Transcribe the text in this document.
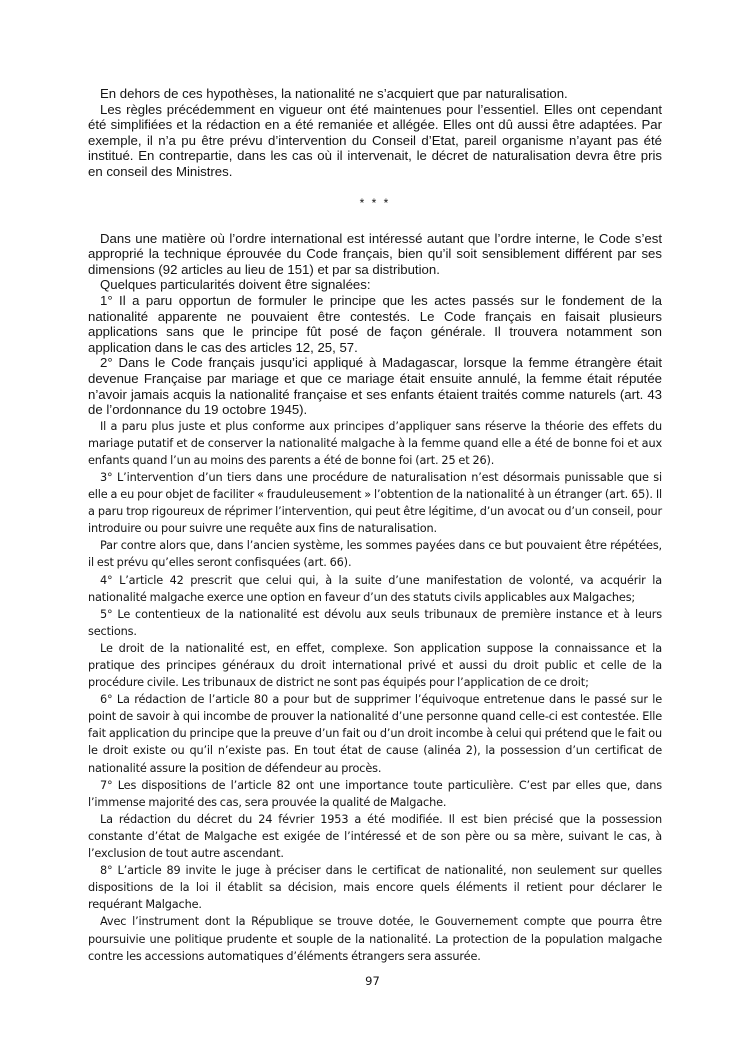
En dehors de ces hypothèses, la nationalité ne s’acquiert que par naturalisation.

Les règles précédemment en vigueur ont été maintenues pour l’essentiel. Elles ont cependant été simplifiées et la rédaction en a été remaniée et allégée. Elles ont dû aussi être adaptées. Par exemple, il n’a pu être prévu d’intervention du Conseil d’Etat, pareil organisme n’ayant pas été institué. En contrepartie, dans les cas où il intervenait, le décret de naturalisation devra être pris en conseil des Ministres.

* * *

Dans une matière où l’ordre international est intéressé autant que l’ordre interne, le Code s’est approprié la technique éprouvée du Code français, bien qu’il soit sensiblement différent par ses dimensions (92 articles au lieu de 151) et par sa distribution.

Quelques particularités doivent être signalées:

1° Il a paru opportun de formuler le principe que les actes passés sur le fondement de la nationalité apparente ne pouvaient être contestés. Le Code français en faisait plusieurs applications sans que le principe fût posé de façon générale. Il trouvera notamment son application dans le cas des articles 12, 25, 57.

2° Dans le Code français jusqu’ici appliqué à Madagascar, lorsque la femme étrangère était devenue Française par mariage et que ce mariage était ensuite annulé, la femme était réputée n’avoir jamais acquis la nationalité française et ses enfants étaient traités comme naturels (art. 43 de l’ordonnance du 19 octobre 1945).

Il a paru plus juste et plus conforme aux principes d’appliquer sans réserve la théorie des effets du mariage putatif et de conserver la nationalité malgache à la femme quand elle a été de bonne foi et aux enfants quand l’un au moins des parents a été de bonne foi (art. 25 et 26).

3° L’intervention d’un tiers dans une procédure de naturalisation n’est désormais punissable que si elle a eu pour objet de faciliter « frauduleusement » l’obtention de la nationalité à un étranger (art. 65). Il a paru trop rigoureux de réprimer l’intervention, qui peut être légitime, d’un avocat ou d’un conseil, pour introduire ou pour suivre une requête aux fins de naturalisation.

Par contre alors que, dans l’ancien système, les sommes payées dans ce but pouvaient être répétées, il est prévu qu’elles seront confisquées (art. 66).

4° L’article 42 prescrit que celui qui, à la suite d’une manifestation de volonté, va acquérir la nationalité malgache exerce une option en faveur d’un des statuts civils applicables aux Malgaches;

5° Le contentieux de la nationalité est dévolu aux seuls tribunaux de première instance et à leurs sections.

Le droit de la nationalité est, en effet, complexe. Son application suppose la connaissance et la pratique des principes généraux du droit international privé et aussi du droit public et celle de la procédure civile. Les tribunaux de district ne sont pas équipés pour l’application de ce droit;

6° La rédaction de l’article 80 a pour but de supprimer l’équivoque entretenue dans le passé sur le point de savoir à qui incombe de prouver la nationalité d’une personne quand celle-ci est contestée. Elle fait application du principe que la preuve d’un fait ou d’un droit incombe à celui qui prétend que le fait ou le droit existe ou qu’il n’existe pas. En tout état de cause (alinéa 2), la possession d’un certificat de nationalité assure la position de défendeur au procès.

7° Les dispositions de l’article 82 ont une importance toute particulière. C’est par elles que, dans l’immense majorité des cas, sera prouvée la qualité de Malgache.

La rédaction du décret du 24 février 1953 a été modifiée. Il est bien précisé que la possession constante d’état de Malgache est exigée de l’intéressé et de son père ou sa mère, suivant le cas, à l’exclusion de tout autre ascendant.

8° L’article 89 invite le juge à préciser dans le certificat de nationalité, non seulement sur quelles dispositions de la loi il établit sa décision, mais encore quels éléments il retient pour déclarer le requérant Malgache.

Avec l’instrument dont la République se trouve dotée, le Gouvernement compte que pourra être poursuivie une politique prudente et souple de la nationalité. La protection de la population malgache contre les accessions automatiques d’éléments étrangers sera assurée.

97
